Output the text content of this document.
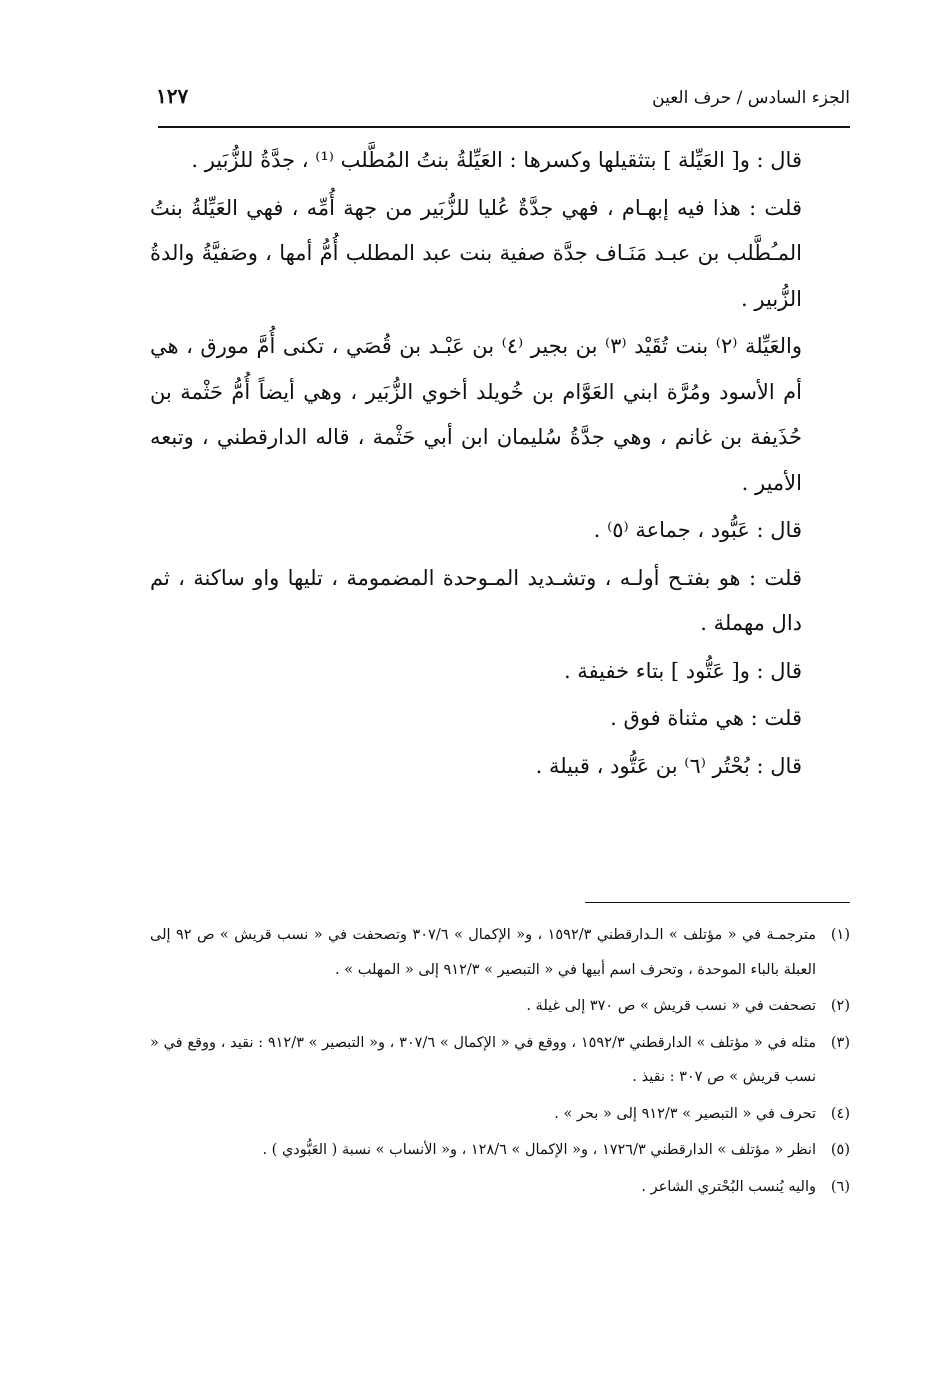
الجزء السادس / حرف العين
١٢٧

قال : و[ العَيِّلة ] بتثقيلها وكسرها : العَيِّلةُ بنتُ المُطَّلب ⁽¹⁾ ، جدَّةُ للزُّبَير .

قلت : هذا فيه إبهـام ، فهي جدَّةٌ عُليا للزُّبَير من جهة أُمِّه ، فهي العَيِّلةُ بنتُ المـُطَّلب بن عبـد مَنَـاف جدَّة صفية بنت عبد المطلب أُمُّ أمها ، وصَفيَّةُ والدةُ الزُّبير .

والعَيِّلة ⁽٢⁾ بنت تُقَيْد ⁽٣⁾ بن بجير ⁽٤⁾ بن عَبْـد بن قُصَي ، تكنى أُمَّ مورق ، هي أم الأسود ومُرَّة ابني العَوَّام بن خُويلد أخوي الزُّبَير ، وهي أيضاً أُمُّ حَثْمة بن حُذَيفة بن غانم ، وهي جدَّةُ سُليمان ابن أبي حَثْمة ، قاله الدارقطني ، وتبعه الأمير .

قال : عَبُّود ، جماعة ⁽٥⁾ .

قلت : هو بفتـح أولـه ، وتشـديد المـوحدة المضمومة ، تليها واو ساكنة ، ثم دال مهملة .

قال : و[ عَتُّود ] بتاء خفيفة .

قلت : هي مثناة فوق .

قال : بُحْتُر ⁽٦⁾ بن عَتُّود ، قبيلة .

(١)
مترجمـة في « مؤتلف » الـدارقطني ١٥٩٢/٣ ، و« الإكمال » ٣٠٧/٦ وتصحفت في « نسب قريش » ص ٩٢ إلى العبلة بالباء الموحدة ، وتحرف اسم أبيها في « التبصير » ٩١٢/٣ إلى « المهلب » .
(٢)
تصحفت في « نسب قريش » ص ٣٧٠ إلى غيلة .
(٣)
مثله في « مؤتلف » الدارقطني ١٥٩٢/٣ ، ووقع في « الإكمال » ٣٠٧/٦ ، و« التبصير » ٩١٢/٣ : نقيد ، ووقع في « نسب قريش » ص ٣٠٧ : نقيذ .
(٤)
تحرف في « التبصير » ٩١٢/٣ إلى « بحر » .
(٥)
انظر « مؤتلف » الدارقطني ١٧٢٦/٣ ، و« الإكمال » ١٢٨/٦ ، و« الأنساب » نسبة ( العَبُّودي ) .
(٦)
واليه يُنسب البُحْتري الشاعر .
